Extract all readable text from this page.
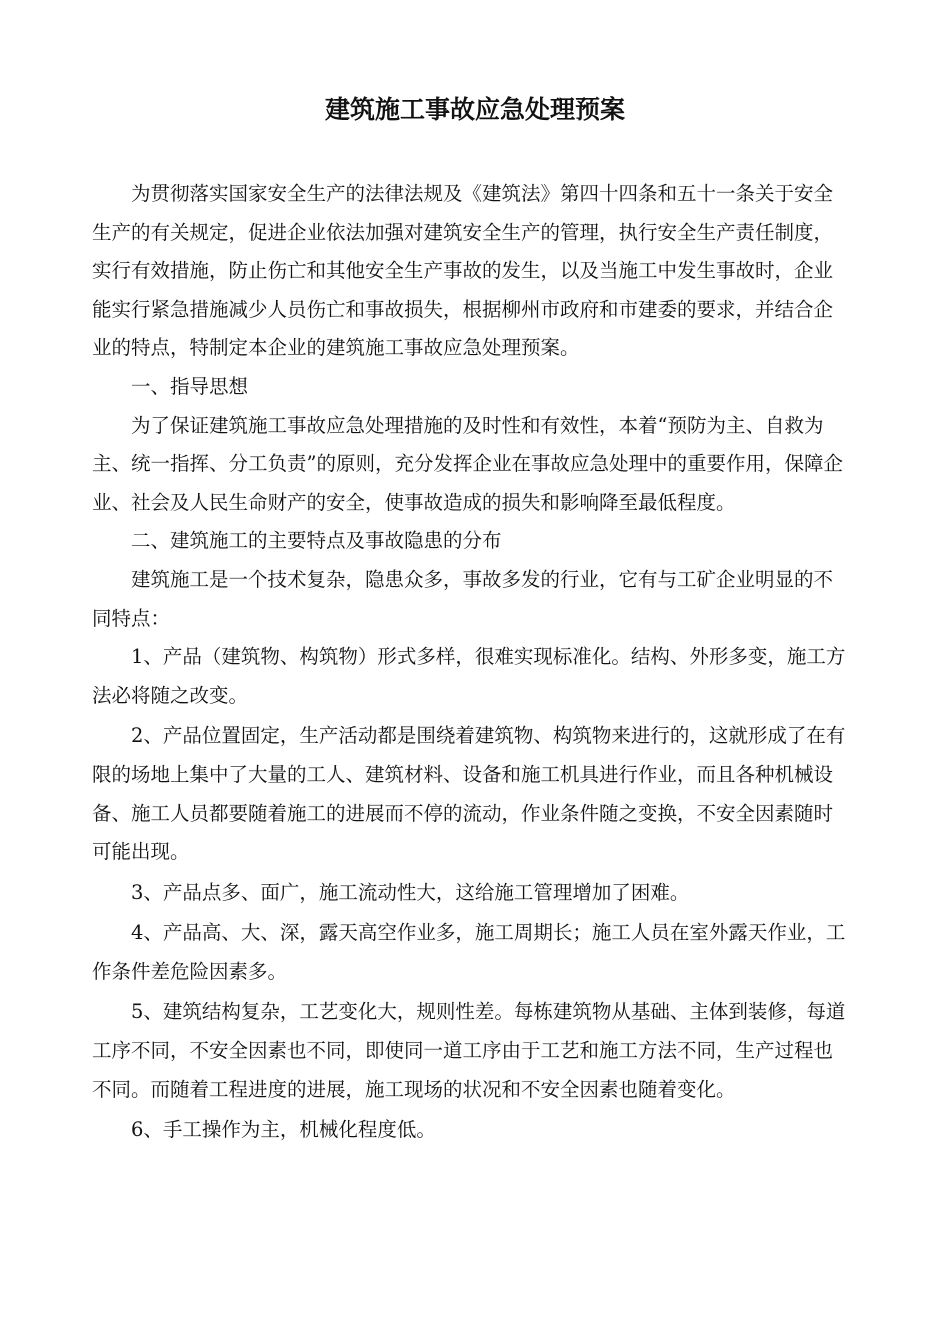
建筑施工事故应急处理预案

为贯彻落实国家安全生产的法律法规及《建筑法》第四十四条和五十一条关于安全生产的有关规定，促进企业依法加强对建筑安全生产的管理，执行安全生产责任制度，实行有效措施，防止伤亡和其他安全生产事故的发生，以及当施工中发生事故时，企业能实行紧急措施减少人员伤亡和事故损失，根据柳州市政府和市建委的要求，并结合企业的特点，特制定本企业的建筑施工事故应急处理预案。

一、指导思想

为了保证建筑施工事故应急处理措施的及时性和有效性，本着“预防为主、自救为主、统一指挥、分工负责”的原则，充分发挥企业在事故应急处理中的重要作用，保障企业、社会及人民生命财产的安全，使事故造成的损失和影响降至最低程度。

二、建筑施工的主要特点及事故隐患的分布

建筑施工是一个技术复杂，隐患众多，事故多发的行业，它有与工矿企业明显的不同特点：

1、产品（建筑物、构筑物）形式多样，很难实现标准化。结构、外形多变，施工方法必将随之改变。

2、产品位置固定，生产活动都是围绕着建筑物、构筑物来进行的，这就形成了在有限的场地上集中了大量的工人、建筑材料、设备和施工机具进行作业，而且各种机械设备、施工人员都要随着施工的进展而不停的流动，作业条件随之变换，不安全因素随时可能出现。

3、产品点多、面广，施工流动性大，这给施工管理增加了困难。

4、产品高、大、深，露天高空作业多，施工周期长；施工人员在室外露天作业，工作条件差危险因素多。

5、建筑结构复杂，工艺变化大，规则性差。每栋建筑物从基础、主体到装修，每道工序不同，不安全因素也不同，即使同一道工序由于工艺和施工方法不同，生产过程也不同。而随着工程进度的进展，施工现场的状况和不安全因素也随着变化。

6、手工操作为主，机械化程度低。
